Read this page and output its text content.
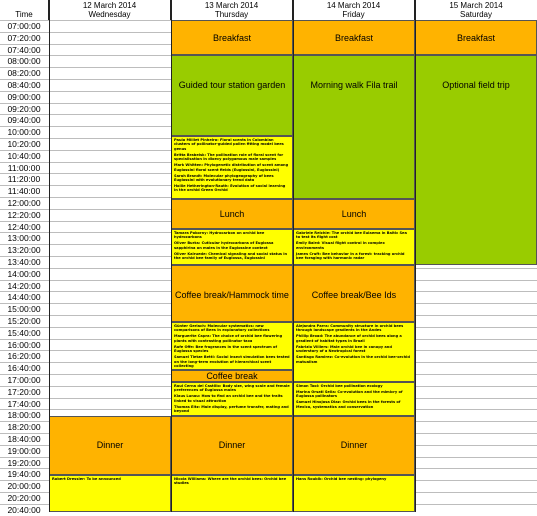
07:00:00
07:20:00
07:40:00
08:00:00
08:20:00
08:40:00
09:00:00
09:20:00
09:40:00
10:00:00
10:20:00
10:40:00
11:00:00
11:20:00
11:40:00
12:00:00
12:20:00
12:40:00
13:00:00
13:20:00
13:40:00
14:00:00
14:20:00
14:40:00
15:00:00
15:20:00
15:40:00
16:00:00
16:20:00
16:40:00
17:00:00
17:20:00
17:40:00
18:00:00
18:20:00
18:40:00
19:00:00
19:20:00
19:40:00
20:00:00
20:20:00
20:40:00
Time
12 March 2014
Wednesday
13 March 2014
Thursday
14 March 2014
Friday
15 March 2014
Saturday
Dinner
Robert Dressler: To be announced
Breakfast
Guided tour station garden
Paulo Milliet Pinheiro: Floral scents in Colombian clusters of pollinator-guided pollen fitting model bees genus
Britta Brabeisk: The pollination role of floral scent for specialisation in dioecy polygamous male samples
Mark Whitten: Phylogenetic distribution of scent among Euglossini floral scent fields (Euglossini, Euglossini)
Sarah Brandt: Molecular phylogeography of bees Euglossini with evolutionary trend data
Hollie Hetherington-Rauth: Evolution of social learning in the orchid Green Orchid
Lunch
Tamara Pokorny: Hydrocarbon on orchid bee hydrocarbons
Oliver Burks: Cuticular hydrocarbons of Euglossa sapphirina on males in the Euglossine context
Oliver Kalruede: Chemical signaling and social status in the orchid bee family of Euglossa, Euglossini
Coffee break/Hammock time
Günter Gerlach: Molecular systematics: new comparisons of Bees in explanatory collections
Marguerite Capra: The choice of orchid bee flowering plants with contrasting pollinator taxa
Rafe Offe: Bee fragrances in the scent spectrum of Euglossa species
Samuel Tietze Bettl: Social insect simulation bees tested on the long-term evolution of hierarchical scent collecting
Coffee break
Raul Cerna del Castillo: Body size, wing scale and female preferences of Euglossa males
Klaus Lunau: How to find an orchid bee and the traits linked to visual attraction
Thomas Eltz: Male display, perfume transfer, mating and beyond
Dinner
Nicola Williams: Where are the orchid bees: Orchid bee studies
Breakfast
Morning walk Fila trail
Lunch
Gabriele Reichle: The orchid bee Eulaema in Baltic Sea to test its flight cost
Emily Baird: Visual flight control in complex environments
James Cruft: Bee behavior in a forest: tracking orchid bee foraging with harmonic radar
Coffee break/Bee Ids
Alejandra Parra: Community structure in orchid bees through landscape gradients in the Andes
Phillip Broad: The abundance of orchid bees along a gradient of habitat types in Brazil
Fabrizio Villiers: Male orchid bee in canopy and understory of a Neotropical forest
Santiago Ramirez: Co-evolution in the orchid bee-orchid mutualism
Simon Tool: Orchid bee pollination ecology
Marina Orsati Sella: Co-evolution and the mimicry of Euglossa pollinators
Samuel Hinojosa Diaz: Orchid bees in the forests of Mexico, systematics and conservation
Dinner
Hans Roubik: Orchid bee nesting: phylogeny
Breakfast
Optional field trip
